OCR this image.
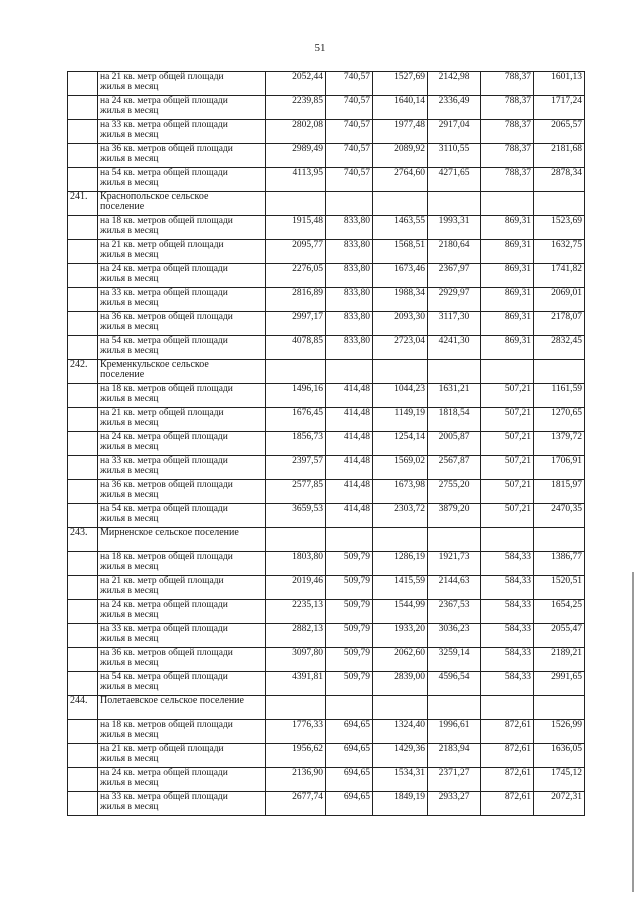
51
	на 21 кв. метр общей площади
жилья в месяц	2052,44	740,57	1527,69	2142,98	788,37	1601,13
	на 24 кв. метра общей площади
жилья в месяц	2239,85	740,57	1640,14	2336,49	788,37	1717,24
	на 33 кв. метра общей площади
жилья в месяц	2802,08	740,57	1977,48	2917,04	788,37	2065,57
	на 36 кв. метров общей площади
жилья в месяц	2989,49	740,57	2089,92	3110,55	788,37	2181,68
	на 54 кв. метра общей площади
жилья в месяц	4113,95	740,57	2764,60	4271,65	788,37	2878,34
241.	Краснопольское сельское
поселение						

	на 18 кв. метров общей площади
жилья в месяц	1915,48	833,80	1463,55	1993,31	869,31	1523,69
	на 21 кв. метр общей площади
жилья в месяц	2095,77	833,80	1568,51	2180,64	869,31	1632,75
	на 24 кв. метра общей площади
жилья в месяц	2276,05	833,80	1673,46	2367,97	869,31	1741,82
	на 33 кв. метра общей площади
жилья в месяц	2816,89	833,80	1988,34	2929,97	869,31	2069,01
	на 36 кв. метров общей площади
жилья в месяц	2997,17	833,80	2093,30	3117,30	869,31	2178,07
	на 54 кв. метра общей площади
жилья в месяц	4078,85	833,80	2723,04	4241,30	869,31	2832,45
242.	Кременкульское сельское
поселение						

	на 18 кв. метров общей площади
жилья в месяц	1496,16	414,48	1044,23	1631,21	507,21	1161,59
	на 21 кв. метр общей площади
жилья в месяц	1676,45	414,48	1149,19	1818,54	507,21	1270,65
	на 24 кв. метра общей площади
жилья в месяц	1856,73	414,48	1254,14	2005,87	507,21	1379,72
	на 33 кв. метра общей площади
жилья в месяц	2397,57	414,48	1569,02	2567,87	507,21	1706,91
	на 36 кв. метров общей площади
жилья в месяц	2577,85	414,48	1673,98	2755,20	507,21	1815,97
	на 54 кв. метра общей площади
жилья в месяц	3659,53	414,48	2303,72	3879,20	507,21	2470,35
243.	Мирненское сельское поселение						
	на 18 кв. метров общей площади
жилья в месяц	1803,80	509,79	1286,19	1921,73	584,33	1386,77
	на 21 кв. метр общей площади
жилья в месяц	2019,46	509,79	1415,59	2144,63	584,33	1520,51
	на 24 кв. метра общей площади
жилья в месяц	2235,13	509,79	1544,99	2367,53	584,33	1654,25
	на 33 кв. метра общей площади
жилья в месяц	2882,13	509,79	1933,20	3036,23	584,33	2055,47
	на 36 кв. метров общей площади
жилья в месяц	3097,80	509,79	2062,60	3259,14	584,33	2189,21
	на 54 кв. метра общей площади
жилья в месяц	4391,81	509,79	2839,00	4596,54	584,33	2991,65
244.	Полетаевское сельское поселение						
	на 18 кв. метров общей площади
жилья в месяц	1776,33	694,65	1324,40	1996,61	872,61	1526,99
	на 21 кв. метр общей площади
жилья в месяц	1956,62	694,65	1429,36	2183,94	872,61	1636,05
	на 24 кв. метра общей площади
жилья в месяц	2136,90	694,65	1534,31	2371,27	872,61	1745,12
	на 33 кв. метра общей площади
жилья в месяц	2677,74	694,65	1849,19	2933,27	872,61	2072,31
